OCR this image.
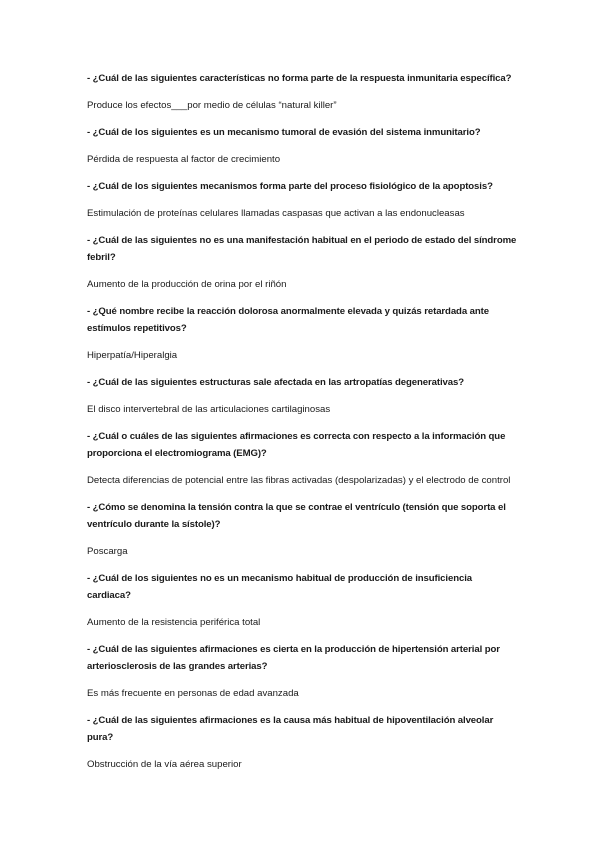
- ¿Cuál de las siguientes características no forma parte de la respuesta inmunitaria específica?

Produce los efectos___por medio de células “natural killer”

- ¿Cuál de los siguientes es un mecanismo tumoral de evasión del sistema inmunitario?

Pérdida de respuesta al factor de crecimiento

- ¿Cuál de los siguientes mecanismos forma parte del proceso fisiológico de la apoptosis?

Estimulación de proteínas celulares llamadas caspasas que activan a las endonucleasas

- ¿Cuál de las siguientes no es una manifestación habitual en el periodo de estado del síndrome febril?

Aumento de la producción de orina por el riñón

- ¿Qué nombre recibe la reacción dolorosa anormalmente elevada y quizás retardada ante estímulos repetitivos?

Hiperpatía/Hiperalgia

- ¿Cuál de las siguientes estructuras sale afectada en las artropatías degenerativas?

El disco intervertebral de las articulaciones cartilaginosas

- ¿Cuál o cuáles de las siguientes afirmaciones es correcta con respecto a la información que proporciona el electromiograma (EMG)?

Detecta diferencias de potencial entre las fibras activadas (despolarizadas) y el electrodo de control

- ¿Cómo se denomina la tensión contra la que se contrae el ventrículo (tensión que soporta el ventrículo durante la sístole)?

Poscarga

- ¿Cuál de los siguientes no es un mecanismo habitual de producción de insuficiencia cardiaca?

Aumento de la resistencia periférica total

- ¿Cuál de las siguientes afirmaciones es cierta en la producción de hipertensión arterial por arteriosclerosis de las grandes arterias?

Es más frecuente en personas de edad avanzada

- ¿Cuál de las siguientes afirmaciones es la causa más habitual de hipoventilación alveolar pura?

Obstrucción de la vía aérea superior
